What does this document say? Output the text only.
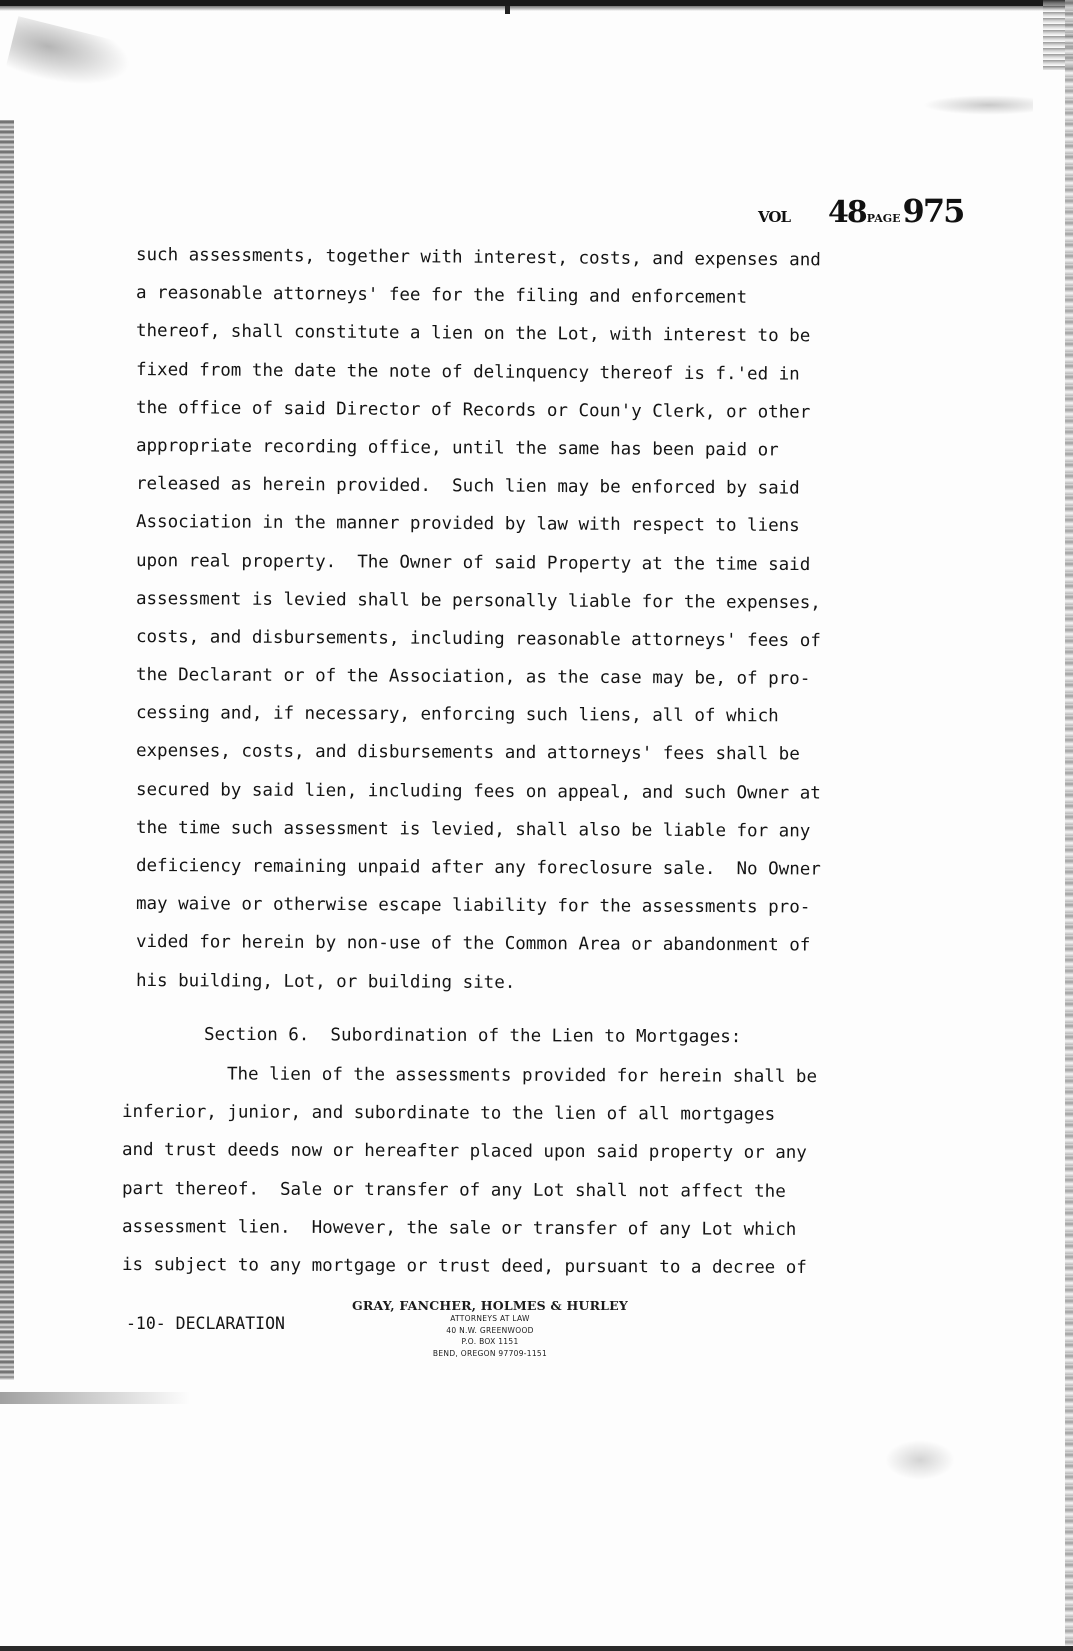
VOL 48 PAGE 975
such assessments, together with interest, costs, and expenses and
a reasonable attorneys' fee for the filing and enforcement
thereof, shall constitute a lien on the Lot, with interest to be
fixed from the date the note of delinquency thereof is f.'ed in
the office of said Director of Records or Coun'y Clerk, or other
appropriate recording office, until the same has been paid or
released as herein provided.  Such lien may be enforced by said
Association in the manner provided by law with respect to liens
upon real property.  The Owner of said Property at the time said
assessment is levied shall be personally liable for the expenses,
costs, and disbursements, including reasonable attorneys' fees of
the Declarant or of the Association, as the case may be, of pro-
cessing and, if necessary, enforcing such liens, all of which
expenses, costs, and disbursements and attorneys' fees shall be
secured by said lien, including fees on appeal, and such Owner at
the time such assessment is levied, shall also be liable for any
deficiency remaining unpaid after any foreclosure sale.  No Owner
may waive or otherwise escape liability for the assessments pro-
vided for herein by non-use of the Common Area or abandonment of
his building, Lot, or building site.
Section 6.  Subordination of the Lien to Mortgages:
The lien of the assessments provided for herein shall be
inferior, junior, and subordinate to the lien of all mortgages
and trust deeds now or hereafter placed upon said property or any
part thereof.  Sale or transfer of any Lot shall not affect the
assessment lien.  However, the sale or transfer of any Lot which
is subject to any mortgage or trust deed, pursuant to a decree of
-10- DECLARATION
GRAY, FANCHER, HOLMES & HURLEY
ATTORNEYS AT LAW
40 N.W. GREENWOOD
P.O. BOX 1151
BEND, OREGON 97709-1151
